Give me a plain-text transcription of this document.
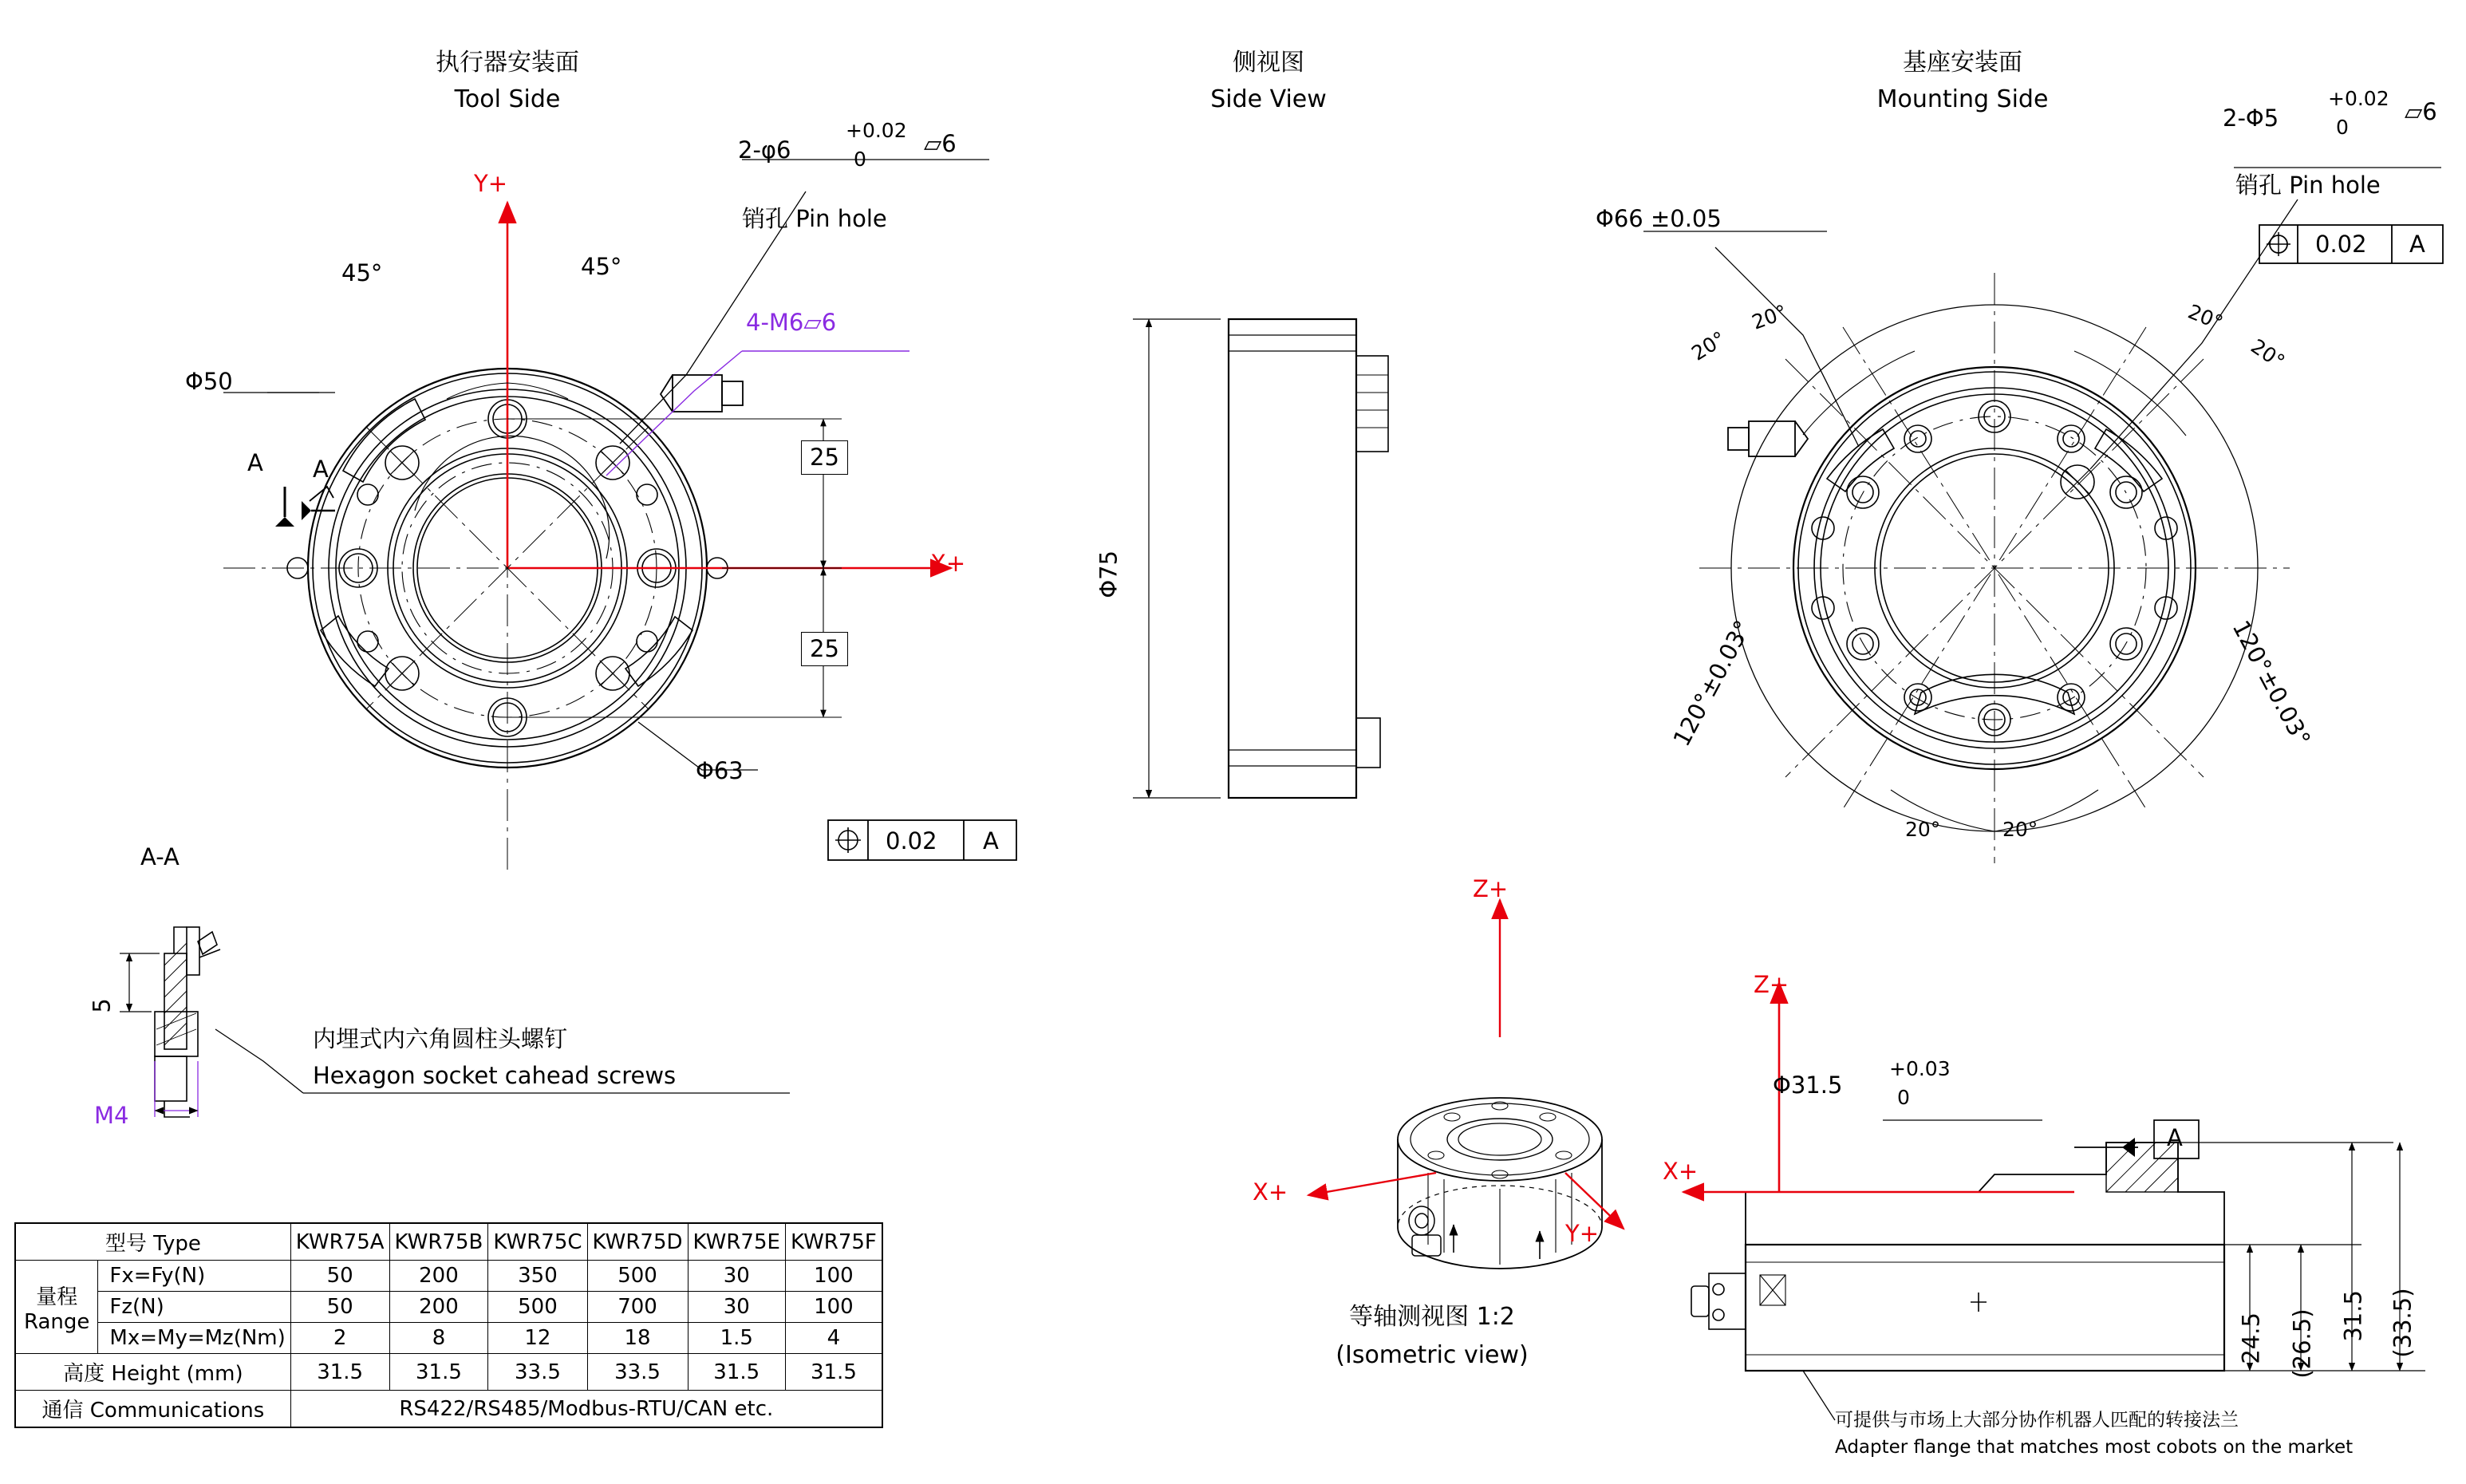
执行器安装面
Tool Side
侧视图
Side View
基座安装面
Mounting Side
2-φ6
+0.02
0
⏥6
销孔 Pin hole
4-M6⏥6
45°	45°
Φ50
Φ63
A A	25
25
Y+
X+
0.02 A

Φ75

2-Φ5
+0.02
0
⏥6
销孔 Pin hole
0.02 A
Φ66 ±0.05
20°
20°	20°
20°
20°	20°
120°±0.03°	120°±0.03°
A-A

5

M4
内埋式内六角圆柱头螺钉
Hexagon socket cahead screws
Z+
X+
Y+
等轴测视图 1:2
(Isometric view)
Z+
X+
Φ31.5
+0.03
0
A

24.5	(26.5)	31.5 (33.5)

可提供与市场上大部分协作机器人匹配的转接法兰
Adapter flange that matches most cobots on the market
型号 Type		KWR75A	KWR75B	KWR75C	KWR75D	KWR75E	KWR75F

量程
Range	Fx=Fy(N)	50	200	350	500	30	100
	Fz(N)	50	200	500	700	30	100
	Mx=My=Mz(Nm)	2	8	12	18	1.5	4
高度 Height (mm)		31.5	31.5	33.5	33.5	31.5	31.5
通信 Communications		RS422/RS485/Modbus-RTU/CAN etc.					
